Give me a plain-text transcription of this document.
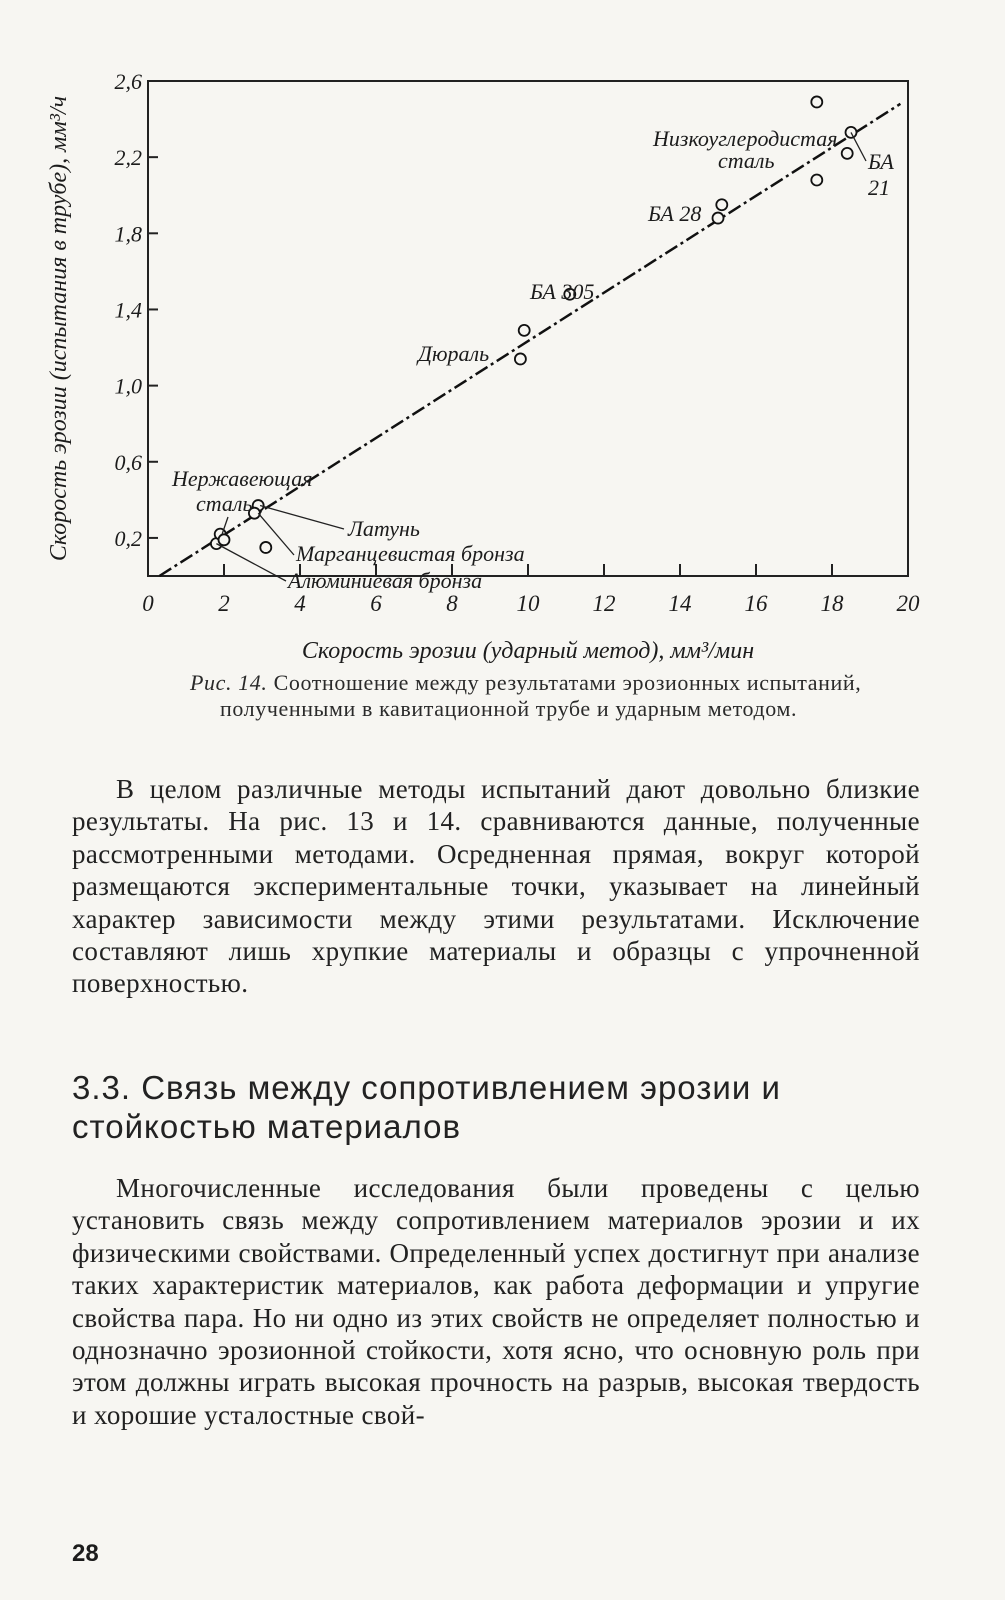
0,2
0,6
1,0
1,4
1,8
2,2
2,6
0	2	4	6	8	10 12 14 16 18 20
Скорость эрозии (ударный метод), мм³/мин
Скорость эрозии (испытания в трубе), мм³/ч	Нержавеющая
сталь
Латунь
Марганцевистая бронза
Алюминиевая бронза
Дюраль
БА 305
БА 28
Низкоуглеродистая
сталь	БА
21
Рис. 14. Соотношение между результатами эрозионных испытаний,
полученными в кавитационной трубе и ударным методом.

В целом различные методы испытаний дают довольно близкие результаты. На рис. 13 и 14. сравниваются данные, полученные рассмотренными методами. Осредненная прямая, вокруг которой размещаются экспериментальные точки, указывает на линейный характер зависимости между этими результатами. Исключение составляют лишь хрупкие материалы и образцы с упрочненной поверхностью.

3.3. Связь между сопротивлением эрозии и стойкостью материалов

Многочисленные исследования были проведены с целью установить связь между сопротивлением материалов эрозии и их физическими свойствами. Определенный успех достигнут при анализе таких характеристик материалов, как работа деформации и упругие свойства пара. Но ни одно из этих свойств не определяет полностью и однозначно эрозионной стойкости, хотя ясно, что основную роль при этом должны играть высокая прочность на разрыв, высокая твердость и хорошие усталостные свой-

28
